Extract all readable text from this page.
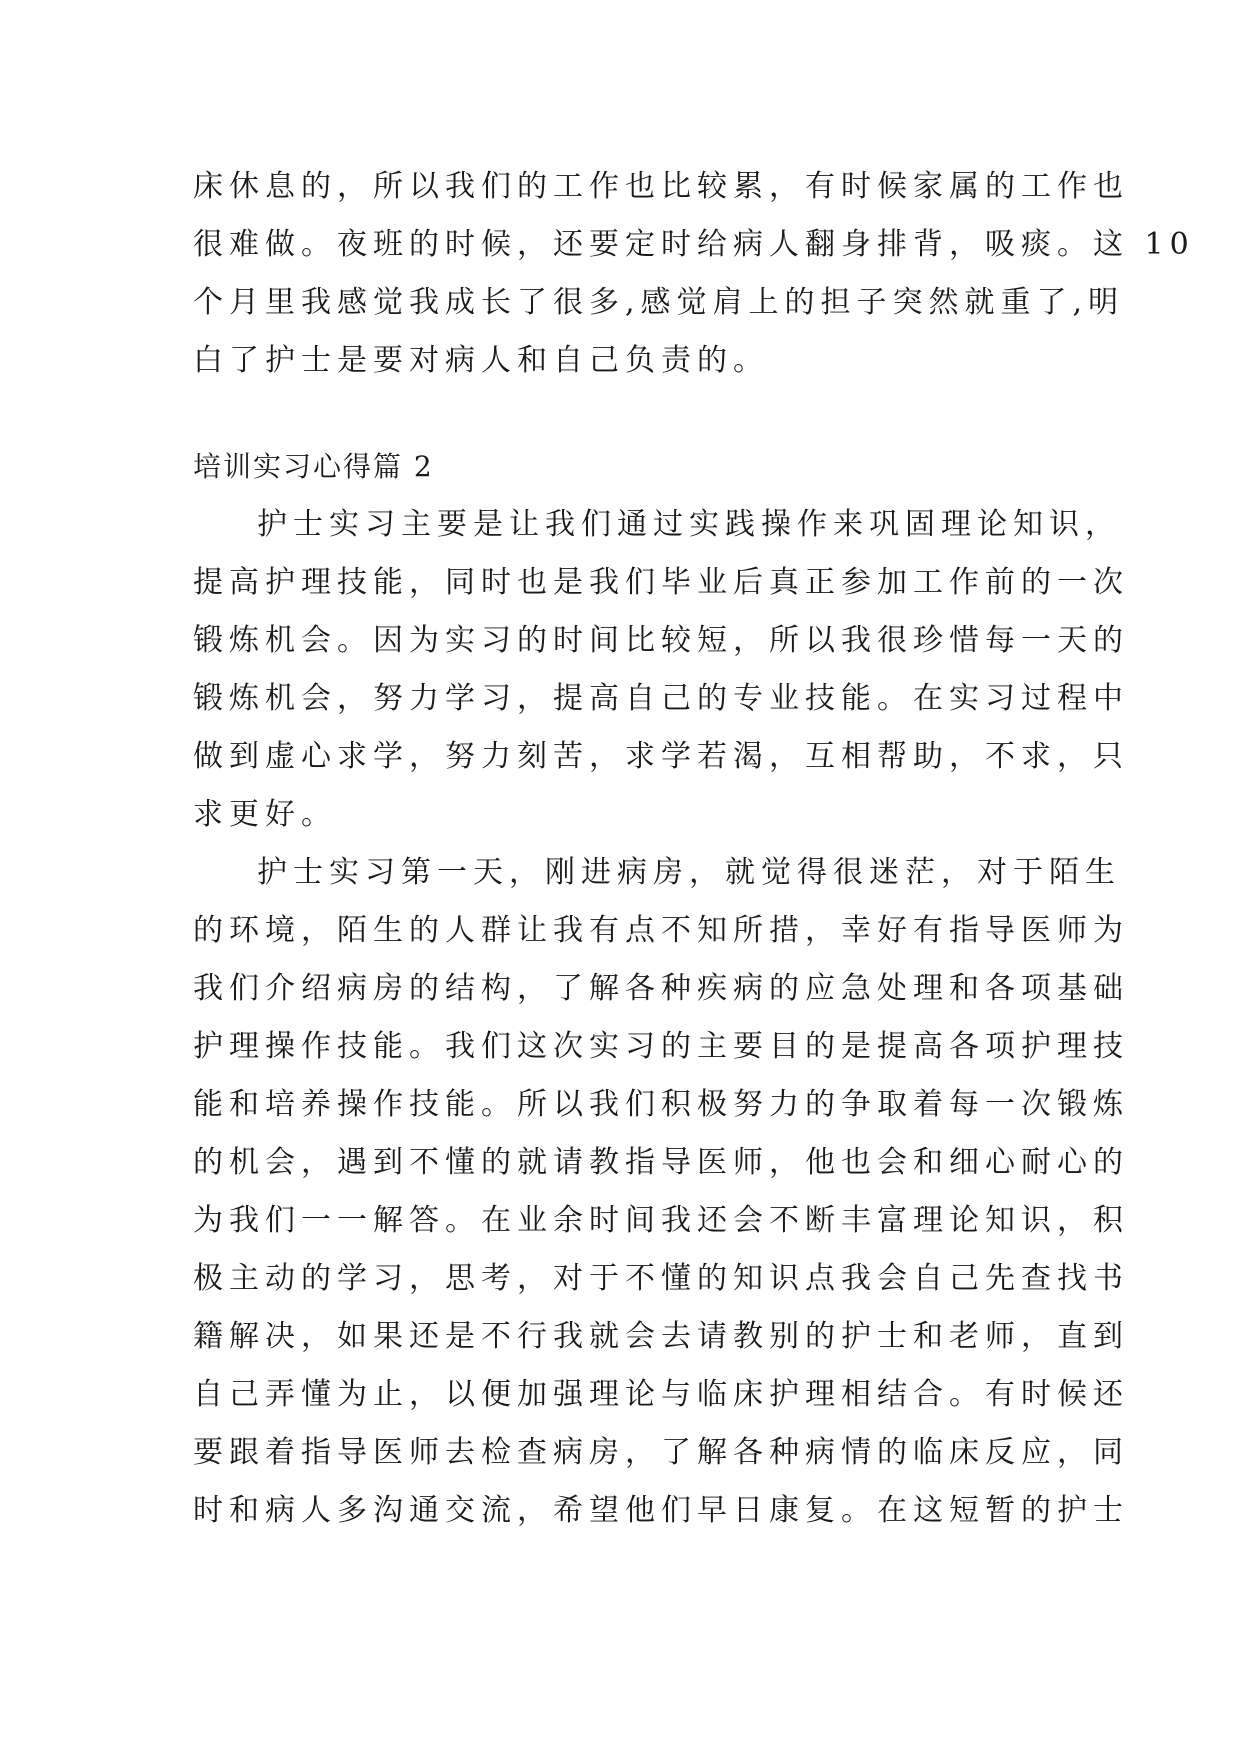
床休息的，所以我们的工作也比较累，有时候家属的工作也
很难做。夜班的时候，还要定时给病人翻身排背，吸痰。这 10
个月里我感觉我成长了很多,感觉肩上的担子突然就重了,明
白了护士是要对病人和自己负责的。
培训实习心得篇 2
护士实习主要是让我们通过实践操作来巩固理论知识，
提高护理技能，同时也是我们毕业后真正参加工作前的一次
锻炼机会。因为实习的时间比较短，所以我很珍惜每一天的
锻炼机会，努力学习，提高自己的专业技能。在实习过程中
做到虚心求学，努力刻苦，求学若渴，互相帮助，不求，只
求更好。
护士实习第一天，刚进病房，就觉得很迷茫，对于陌生
的环境，陌生的人群让我有点不知所措，幸好有指导医师为
我们介绍病房的结构，了解各种疾病的应急处理和各项基础
护理操作技能。我们这次实习的主要目的是提高各项护理技
能和培养操作技能。所以我们积极努力的争取着每一次锻炼
的机会，遇到不懂的就请教指导医师，他也会和细心耐心的
为我们一一解答。在业余时间我还会不断丰富理论知识，积
极主动的学习，思考，对于不懂的知识点我会自己先查找书
籍解决，如果还是不行我就会去请教别的护士和老师，直到
自己弄懂为止，以便加强理论与临床护理相结合。有时候还
要跟着指导医师去检查病房，了解各种病情的临床反应，同
时和病人多沟通交流，希望他们早日康复。在这短暂的护士
